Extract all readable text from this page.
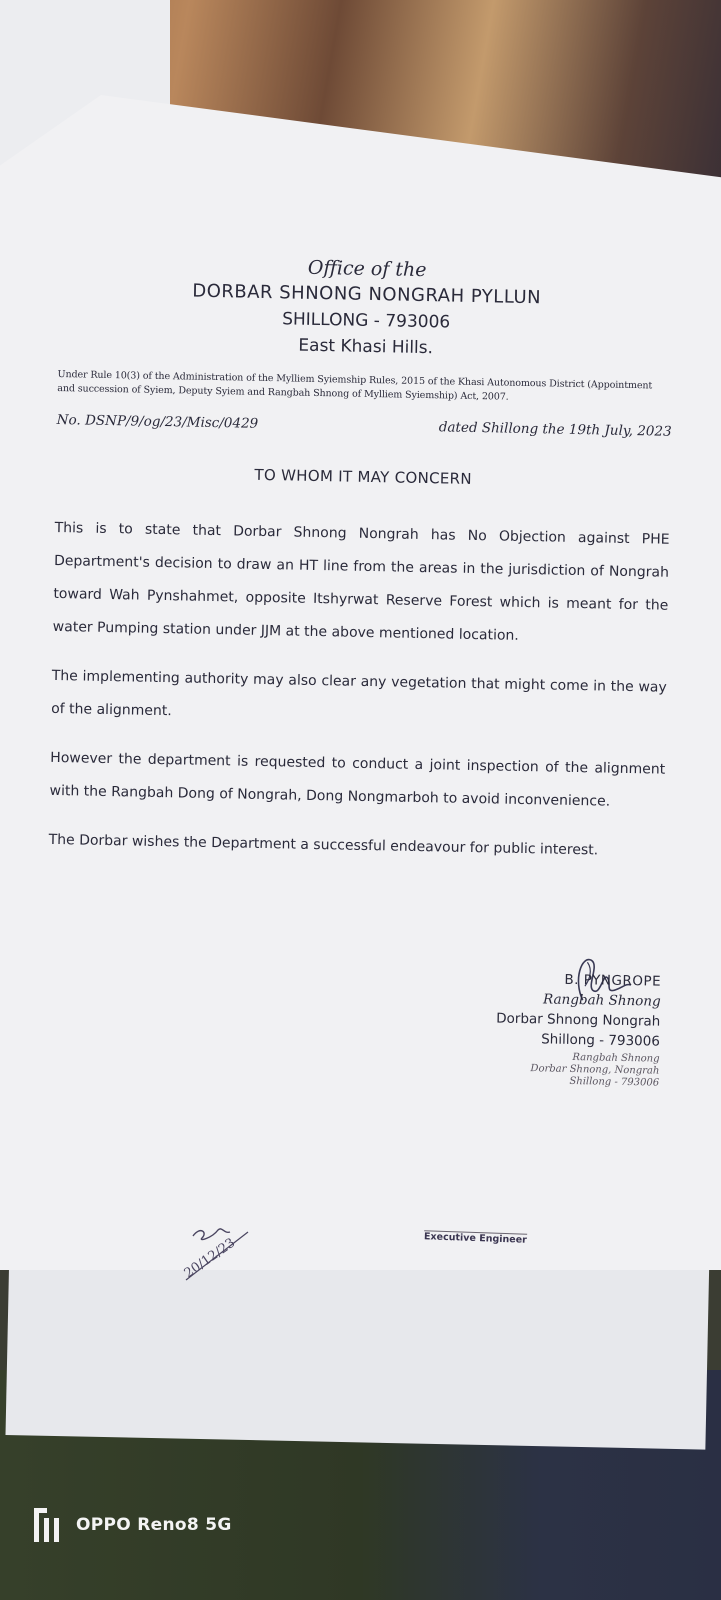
Office of the

DORBAR SHNONG NONGRAH PYLLUN

SHILLONG - 793006

East Khasi Hills.

Under Rule 10(3) of the Administration of the Mylliem Syiemship Rules, 2015 of the Khasi Autonomous District (Appointment and succession of Syiem, Deputy Syiem and Rangbah Shnong of Mylliem Syiemship) Act, 2007.

No. DSNP/9/og/23/Misc/0429	dated Shillong the 19th July, 2023

TO WHOM IT MAY CONCERN

This is to state that Dorbar Shnong Nongrah has No Objection against PHE Department's decision to draw an HT line from the areas in the jurisdiction of Nongrah toward Wah Pynshahmet, opposite Itshyrwat Reserve Forest which is meant for the water Pumping station under JJM at the above mentioned location.

The implementing authority may also clear any vegetation that might come in the way of the alignment.

However the department is requested to conduct a joint inspection of the alignment with the Rangbah Dong of Nongrah, Dong Nongmarboh to avoid inconvenience.

The Dorbar wishes the Department a successful endeavour for public interest.

B. PYNGROPE
Rangbah Shnong
Dorbar Shnong Nongrah
Shillong - 793006
Rangbah Shnong
Dorbar Shnong, Nongrah
Shillong - 793006
Executive Engineer
20/12/23
OPPO Reno8 5G
